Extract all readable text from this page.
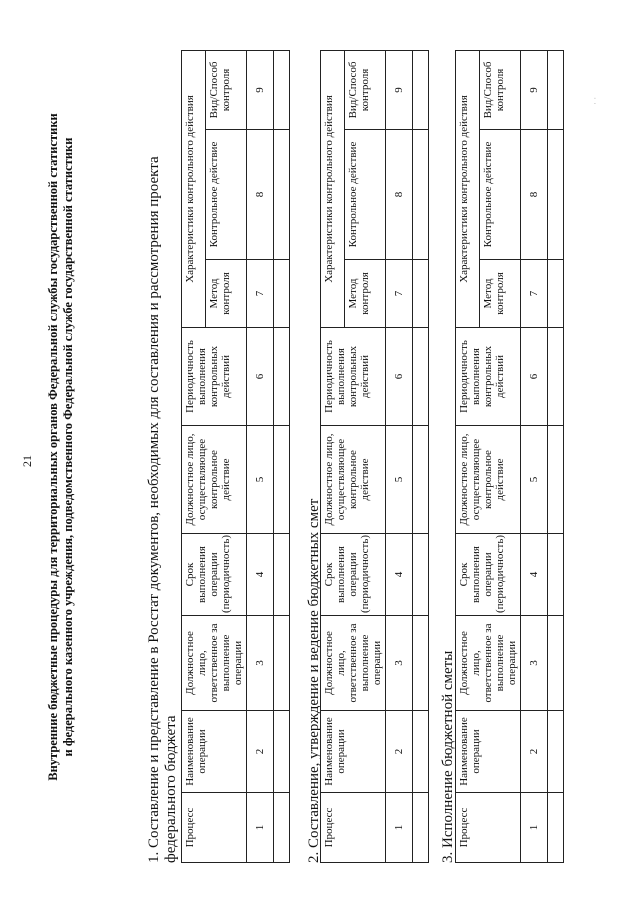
21 Внутренние бюджетные процедуры для территориальных органов Федеральной службы государственной статистики и федерального казенного учреждения, подведомственного Федеральной службе государственной статистики	1. Составление и представление в Росстат документов, необходимых для составления и рассмотрения проекта федерального бюджета Процесс	Наименование операции	Должностное лицо, ответственное за выполнение операции	Срок выполнения операции (периодичность)	Должностное лицо, осуществляющее контрольное действие	Периодичность выполнения контрольных действий	Характеристики контрольного действия		
						Метод контроля	Контрольное действие	Вид/Способ контроля
1	2	3	4	5	6	7	8	9

2. Составление, утверждение и ведение бюджетных смет Процесс	Наименование операции	Должностное лицо, ответственное за выполнение операции	Срок выполнения операции (периодичность)	Должностное лицо, осуществляющее контрольное действие	Периодичность выполнения контрольных действий	Характеристики контрольного действия		
						Метод контроля	Контрольное действие	Вид/Способ контроля
1	2	3	4	5	6	7	8	9

3. Исполнение бюджетной сметы Процесс	Наименование операции	Должностное лицо, ответственное за выполнение операции	Срок выполнения операции (периодичность)	Должностное лицо, осуществляющее контрольное действие	Периодичность выполнения контрольных действий	Характеристики контрольного действия		
						Метод контроля	Контрольное действие	Вид/Способ контроля
1	2	3	4	5	6	7	8	9

· ·
